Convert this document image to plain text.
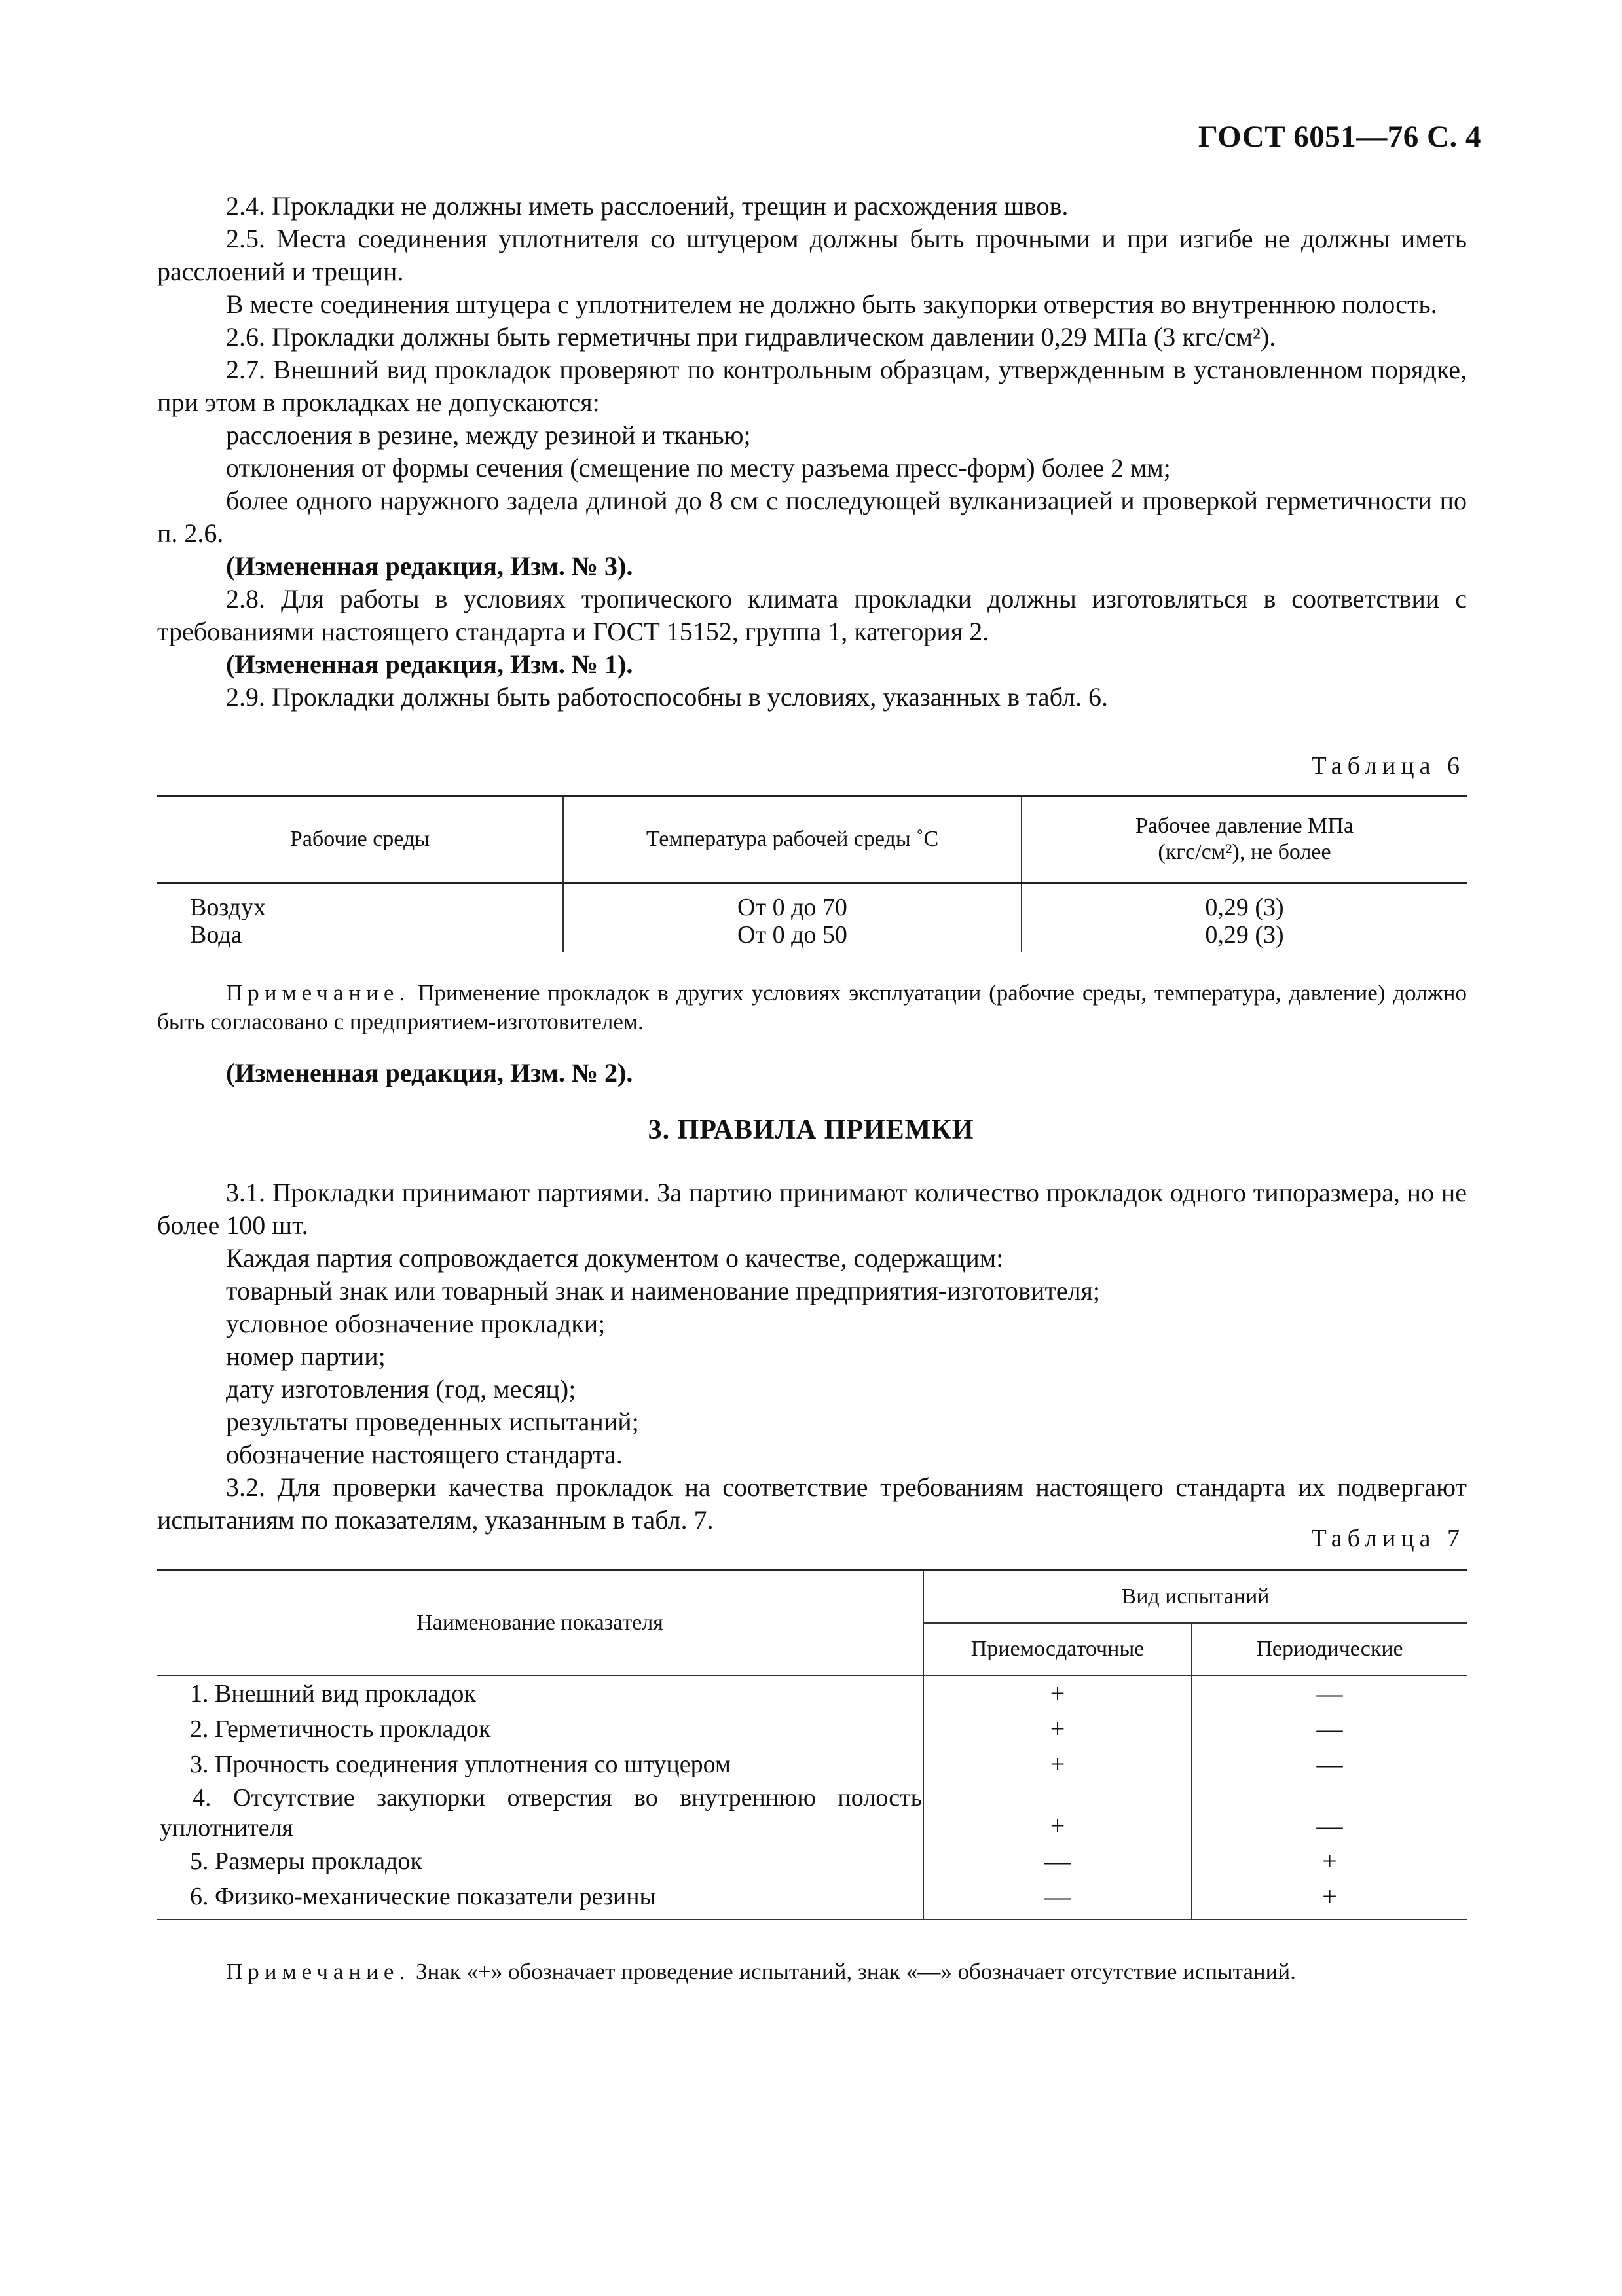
ГОСТ 6051—76 С. 4

2.4. Прокладки не должны иметь расслоений, трещин и расхождения швов.

2.5. Места соединения уплотнителя со штуцером должны быть прочными и при изгибе не должны иметь расслоений и трещин.

В месте соединения штуцера с уплотнителем не должно быть закупорки отверстия во внутреннюю полость.

2.6. Прокладки должны быть герметичны при гидравлическом давлении 0,29 МПа (3 кгс/см²).

2.7. Внешний вид прокладок проверяют по контрольным образцам, утвержденным в установленном порядке, при этом в прокладках не допускаются:

расслоения в резине, между резиной и тканью;

отклонения от формы сечения (смещение по месту разъема пресс-форм) более 2 мм;

более одного наружного задела длиной до 8 см с последующей вулканизацией и проверкой герметичности по п. 2.6.

(Измененная редакция, Изм. № 3).

2.8. Для работы в условиях тропического климата прокладки должны изготовляться в соответствии с требованиями настоящего стандарта и ГОСТ 15152, группа 1, категория 2.

(Измененная редакция, Изм. № 1).

2.9. Прокладки должны быть работоспособны в условиях, указанных в табл. 6.

Таблица 6
Рабочие среды	Температура рабочей среды ˚С	Рабочее давление МПа
(кгс/см²), не более
Воздух	От 0 до 70	0,29 (3)
Вода	От 0 до 50	0,29 (3)
Примечание. Применение прокладок в других условиях эксплуатации (рабочие среды, температура, давление) должно быть согласовано с предприятием-изготовителем.
(Измененная редакция, Изм. № 2).
3. ПРАВИЛА ПРИЕМКИ

3.1. Прокладки принимают партиями. За партию принимают количество прокладок одного типоразмера, но не более 100 шт.

Каждая партия сопровождается документом о качестве, содержащим:

товарный знак или товарный знак и наименование предприятия-изготовителя;

условное обозначение прокладки;

номер партии;

дату изготовления (год, месяц);

результаты проведенных испытаний;

обозначение настоящего стандарта.

3.2. Для проверки качества прокладок на соответствие требованиям настоящего стандарта их подвергают испытаниям по показателям, указанным в табл. 7.

Таблица 7
Наименование показателя	Вид испытаний	
	Приемосдаточные	Периодические
1. Внешний вид прокладок	+	—
2. Герметичность прокладок	+	—
3. Прочность соединения уплотнения со штуцером	+	—
4. Отсутствие закупорки отверстия во внутреннюю полость уплотнителя	+	—
5. Размеры прокладок	—	+
6. Физико-механические показатели резины	—	+
Примечание. Знак «+» обозначает проведение испытаний, знак «—» обозначает отсутствие испытаний.
